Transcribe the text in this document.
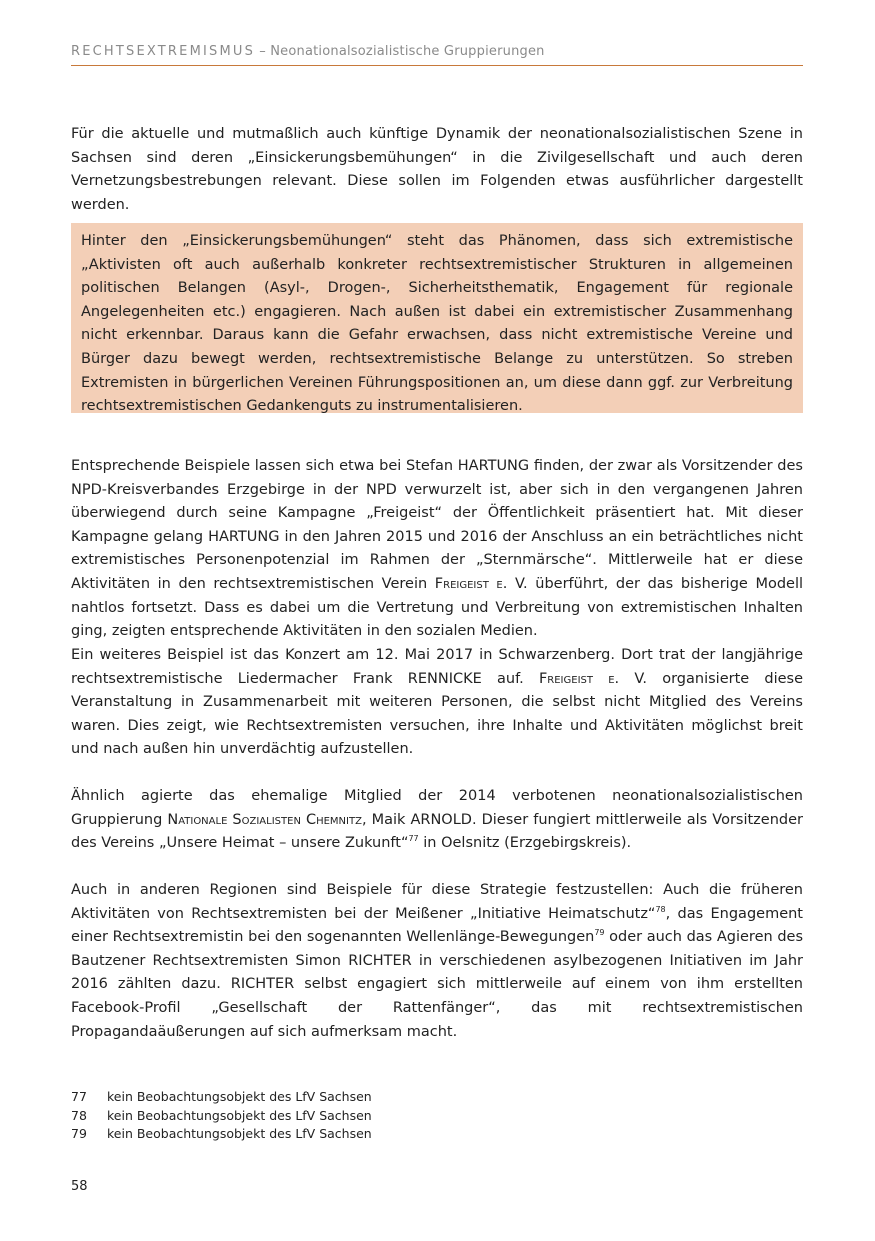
RECHTSEXTREMISMUS – Neonationalsozialistische Gruppierungen

Für die aktuelle und mutmaßlich auch künftige Dynamik der neonationalsozialistischen Szene in Sachsen sind deren „Einsickerungsbemühungen“ in die Zivilgesellschaft und auch deren Vernetzungsbestrebungen relevant. Diese sollen im Folgenden etwas ausführlicher dargestellt werden.

Hinter den „Einsickerungsbemühungen“ steht das Phänomen, dass sich extremistische „Aktivisten oft auch außerhalb konkreter rechtsextremistischer Strukturen in allgemeinen politischen Belangen (Asyl-, Drogen-, Sicherheitsthematik, Engagement für regionale Angelegenheiten etc.) engagieren. Nach außen ist dabei ein extremistischer Zusammenhang nicht erkennbar. Daraus kann die Gefahr erwachsen, dass nicht extremistische Vereine und Bürger dazu bewegt werden, rechtsextremistische Belange zu unterstützen. So streben Extremisten in bürgerlichen Vereinen Führungspositionen an, um diese dann ggf. zur Verbreitung rechtsextremistischen Gedankenguts zu instrumentalisieren.

Entsprechende Beispiele lassen sich etwa bei Stefan HARTUNG finden, der zwar als Vorsitzender des NPD-Kreisverbandes Erzgebirge in der NPD verwurzelt ist, aber sich in den vergangenen Jahren überwiegend durch seine Kampagne „Freigeist“ der Öffentlichkeit präsentiert hat. Mit dieser Kampagne gelang HARTUNG in den Jahren 2015 und 2016 der Anschluss an ein beträchtliches nicht extremistisches Personenpotenzial im Rahmen der „Sternmärsche“. Mittlerweile hat er diese Aktivitäten in den rechtsextremistischen Verein Freigeist e. V. überführt, der das bisherige Modell nahtlos fortsetzt. Dass es dabei um die Vertretung und Verbreitung von extremistischen Inhalten ging, zeigten entsprechende Aktivitäten in den sozialen Medien.

Ein weiteres Beispiel ist das Konzert am 12. Mai 2017 in Schwarzenberg. Dort trat der langjährige rechtsextremistische Liedermacher Frank RENNICKE auf. Freigeist e. V. organisierte diese Veranstaltung in Zusammenarbeit mit weiteren Personen, die selbst nicht Mitglied des Vereins waren. Dies zeigt, wie Rechtsextremisten versuchen, ihre Inhalte und Aktivitäten möglichst breit und nach außen hin unverdächtig aufzustellen.

Ähnlich agierte das ehemalige Mitglied der 2014 verbotenen neonationalsozialistischen Gruppierung Nationale Sozialisten Chemnitz, Maik ARNOLD. Dieser fungiert mittlerweile als Vorsitzender des Vereins „Unsere Heimat – unsere Zukunft“$^{77}$ in Oelsnitz (Erzgebirgskreis).

Auch in anderen Regionen sind Beispiele für diese Strategie festzustellen: Auch die früheren Aktivitäten von Rechtsextremisten bei der Meißener „Initiative Heimatschutz“$^{78}$, das Engagement einer Rechtsextremistin bei den sogenannten Wellenlänge-Bewegungen$^{79}$ oder auch das Agieren des Bautzener Rechtsextremisten Simon RICHTER in verschiedenen asylbezogenen Initiativen im Jahr 2016 zählten dazu. RICHTER selbst engagiert sich mittlerweile auf einem von ihm erstellten Facebook-Profil „Gesellschaft der Rattenfänger“, das mit rechtsextremistischen Propagandaäußerungen auf sich aufmerksam macht.

77 kein Beobachtungsobjekt des LfV Sachsen
78 kein Beobachtungsobjekt des LfV Sachsen
79 kein Beobachtungsobjekt des LfV Sachsen
58
